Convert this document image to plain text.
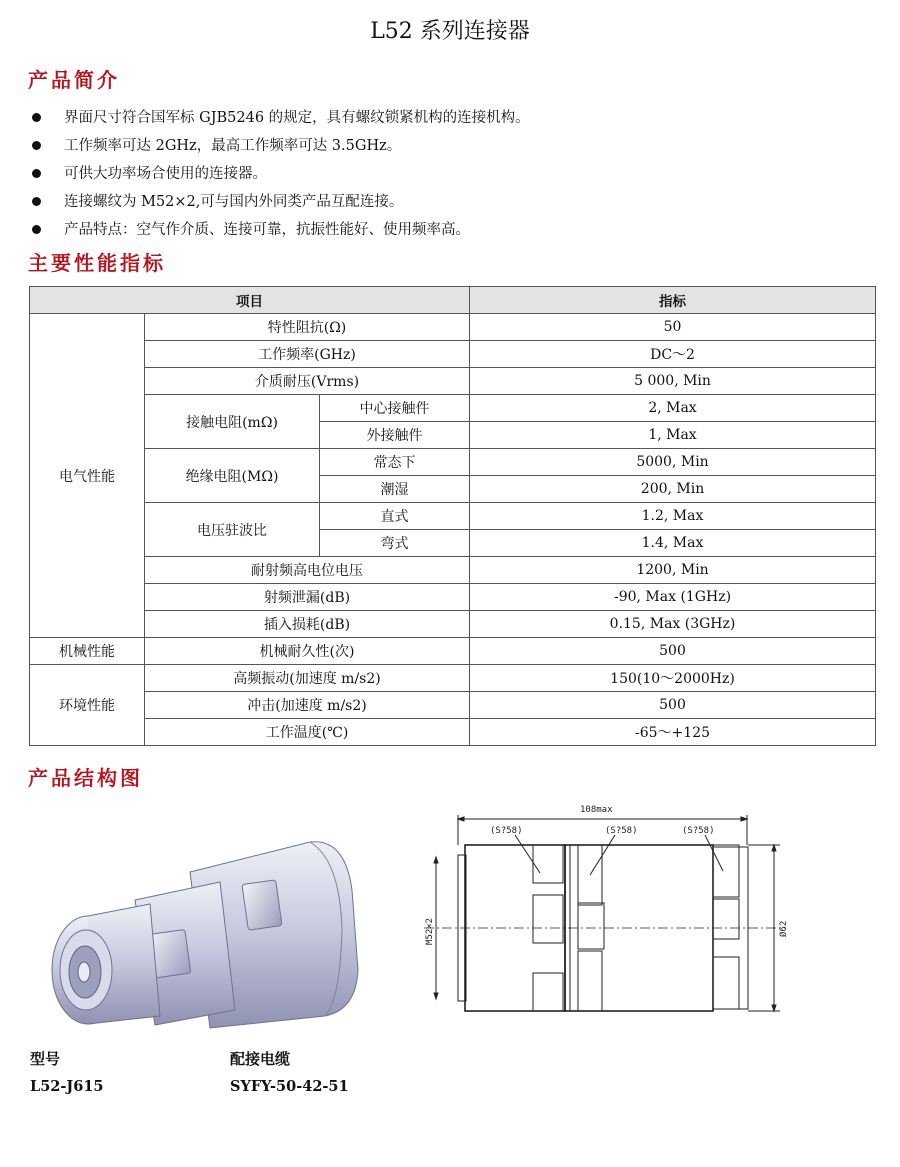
L52 系列连接器
产品简介
界面尺寸符合国军标 GJB5246 的规定，具有螺纹锁紧机构的连接机构。
工作频率可达 2GHz，最高工作频率可达 3.5GHz。
可供大功率场合使用的连接器。
连接螺纹为 M52×2,可与国内外同类产品互配连接。
产品特点：空气作介质、连接可靠，抗振性能好、使用频率高。
主要性能指标
项目			指标
电气性能	特性阻抗(Ω)		50
	工作频率(GHz)		DC～2
	介质耐压(Vrms)		5 000, Min
	接触电阻(mΩ)	中心接触件	2, Max
		外接触件	1, Max
	绝缘电阻(MΩ)	常态下	5000, Min
		潮湿	200, Min
	电压驻波比	直式	1.2, Max
		弯式	1.4, Max
	耐射频高电位电压		1200, Min
	射频泄漏(dB)		-90, Max (1GHz)
	插入损耗(dB)		0.15, Max (3GHz)
机械性能	机械耐久性(次)		500
环境性能	高频振动(加速度 m/s2)		150(10～2000Hz)
	冲击(加速度 m/s2)		500
	工作温度(℃)		-65～+125
产品结构图
108max
(S?58)	(S?58)	(S?58)
M52×2	Ø62
型号
L52-J615
配接电缆
SYFY-50-42-51
